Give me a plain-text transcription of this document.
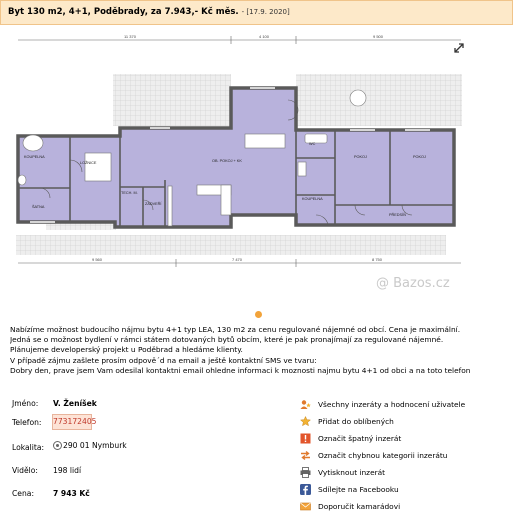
Byt 130 m2, 4+1, Poděbrady, za 7.943,- Kč měs. - [17.9. 2020]
11 370	4 100	9 500
KOUPELNA
LOŽNICE
ŠATNA
TECH. M.
ZÁDVEŘÍ
OB. POKOJ + KK
WC
KOUPELNA
POKOJ	POKOJ
PŘEDSÍŇ
9 560	7 470	8 750
@ Bazos.cz
Nabízíme možnost budoucího nájmu bytu 4+1 typ LEA, 130 m2 za cenu regulované nájemné od obcí. Cena je maximální.
Jedná se o možnost bydlení v rámci státem dotovaných bytů obcím, které je pak pronajímají za regulované nájemné.
Plánujeme developerský projekt u Poděbrad a hledáme klienty.
V případě zájmu zašlete prosím odpově´d na email a ještě kontaktní SMS ve tvaru:
Dobry den, prave jsem Vam odesilal kontaktni email ohledne informaci k moznosti najmu bytu 4+1 od obci a na toto telefon
Jméno: V. Ženíšek
Telefon: 773172405
Lokalita: 290 01 Nymburk
Vidělo: 198 lidí
Cena:	7 943 Kč
Všechny inzeráty a hodnocení uživatele
Přidat do oblíbených
Označit špatný inzerát
Označit chybnou kategorii inzerátu
Vytisknout inzerát
Sdílejte na Facebooku
Doporučit kamarádovi
